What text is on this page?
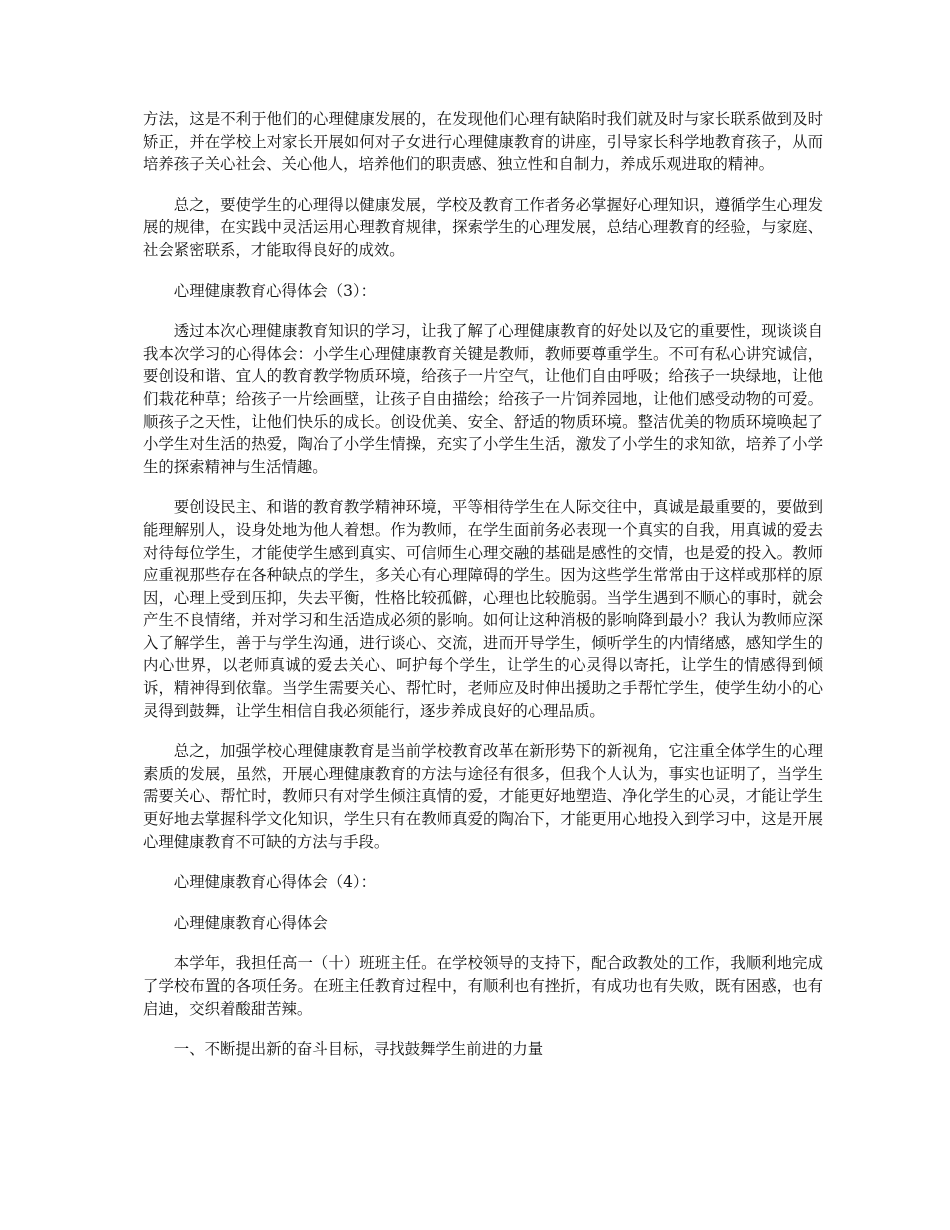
方法，这是不利于他们的心理健康发展的，在发现他们心理有缺陷时我们就及时与家长联系做到及时矫正，并在学校上对家长开展如何对子女进行心理健康教育的讲座，引导家长科学地教育孩子，从而培养孩子关心社会、关心他人，培养他们的职责感、独立性和自制力，养成乐观进取的精神。

总之，要使学生的心理得以健康发展，学校及教育工作者务必掌握好心理知识，遵循学生心理发展的规律，在实践中灵活运用心理教育规律，探索学生的心理发展，总结心理教育的经验，与家庭、社会紧密联系，才能取得良好的成效。

心理健康教育心得体会（3）：

透过本次心理健康教育知识的学习，让我了解了心理健康教育的好处以及它的重要性，现谈谈自我本次学习的心得体会：小学生心理健康教育关键是教师，教师要尊重学生。不可有私心讲究诚信，要创设和谐、宜人的教育教学物质环境，给孩子一片空气，让他们自由呼吸；给孩子一块绿地，让他们栽花种草；给孩子一片绘画壁，让孩子自由描绘；给孩子一片饲养园地，让他们感受动物的可爱。顺孩子之天性，让他们快乐的成长。创设优美、安全、舒适的物质环境。整洁优美的物质环境唤起了小学生对生活的热爱，陶冶了小学生情操，充实了小学生生活，激发了小学生的求知欲，培养了小学生的探索精神与生活情趣。

要创设民主、和谐的教育教学精神环境，平等相待学生在人际交往中，真诚是最重要的，要做到能理解别人，设身处地为他人着想。作为教师，在学生面前务必表现一个真实的自我，用真诚的爱去对待每位学生，才能使学生感到真实、可信师生心理交融的基础是感性的交情，也是爱的投入。教师应重视那些存在各种缺点的学生，多关心有心理障碍的学生。因为这些学生常常由于这样或那样的原因，心理上受到压抑，失去平衡，性格比较孤僻，心理也比较脆弱。当学生遇到不顺心的事时，就会产生不良情绪，并对学习和生活造成必须的影响。如何让这种消极的影响降到最小？我认为教师应深入了解学生，善于与学生沟通，进行谈心、交流，进而开导学生，倾听学生的内情绪感，感知学生的内心世界，以老师真诚的爱去关心、呵护每个学生，让学生的心灵得以寄托，让学生的情感得到倾诉，精神得到依靠。当学生需要关心、帮忙时，老师应及时伸出援助之手帮忙学生，使学生幼小的心灵得到鼓舞，让学生相信自我必须能行，逐步养成良好的心理品质。

总之，加强学校心理健康教育是当前学校教育改革在新形势下的新视角，它注重全体学生的心理素质的发展，虽然，开展心理健康教育的方法与途径有很多，但我个人认为，事实也证明了，当学生需要关心、帮忙时，教师只有对学生倾注真情的爱，才能更好地塑造、净化学生的心灵，才能让学生更好地去掌握科学文化知识，学生只有在教师真爱的陶冶下，才能更用心地投入到学习中，这是开展心理健康教育不可缺的方法与手段。

心理健康教育心得体会（4）：

心理健康教育心得体会

本学年，我担任高一（十）班班主任。在学校领导的支持下，配合政教处的工作，我顺利地完成了学校布置的各项任务。在班主任教育过程中，有顺利也有挫折，有成功也有失败，既有困惑，也有启迪，交织着酸甜苦辣。

一、不断提出新的奋斗目标，寻找鼓舞学生前进的力量
